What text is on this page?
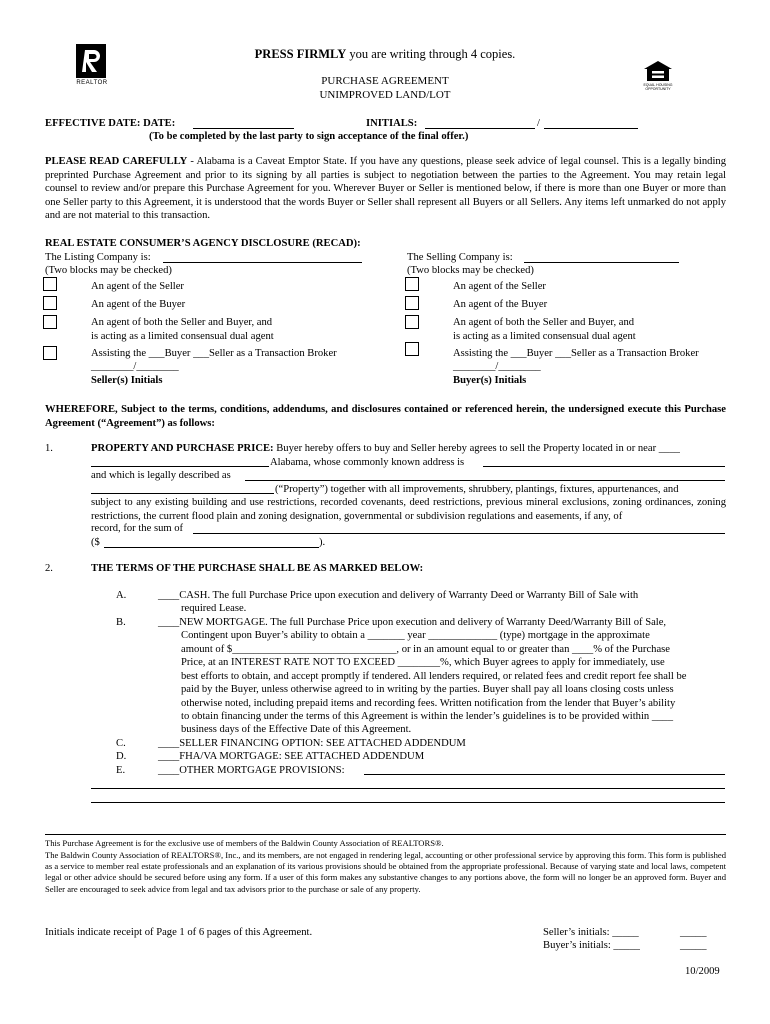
REALTOR
PRESS FIRMLY you are writing through 4 copies.
PURCHASE AGREEMENT
UNIMPROVED LAND/LOT
EQUAL HOUSING OPPORTUNITY
EFFECTIVE DATE: DATE:	INITIALS:	/
(To be completed by the last party to sign acceptance of the final offer.)
PLEASE READ CAREFULLY - Alabama is a Caveat Emptor State. If you have any questions, please seek advice of legal counsel. This is a legally binding preprinted Purchase Agreement and prior to its signing by all parties is subject to negotiation between the parties to the Agreement. You may retain legal counsel to review and/or prepare this Purchase Agreement for you. Wherever Buyer or Seller is mentioned below, if there is more than one Buyer or more than one Seller party to this Agreement, it is understood that the words Buyer or Seller shall represent all Buyers or all Sellers. Any items left unmarked do not apply and are not material to this transaction.
REAL ESTATE CONSUMER’S AGENCY DISCLOSURE (RECAD):
The Listing Company is:
(Two blocks may be checked)
The Selling Company is:
(Two blocks may be checked)
An agent of the Seller
An agent of the Buyer
An agent of both the Seller and Buyer, and
is acting as a limited consensual dual agent
Assisting the ___Buyer ___Seller as a Transaction Broker
________/________
Seller(s) Initials
An agent of the Seller
An agent of the Buyer
An agent of both the Seller and Buyer, and
is acting as a limited consensual dual agent
Assisting the ___Buyer ___Seller as a Transaction Broker
________/________
Buyer(s) Initials
WHEREFORE, Subject to the terms, conditions, addendums, and disclosures contained or referenced herein, the undersigned execute this Purchase Agreement (“Agreement”) as follows:
1.	PROPERTY AND PURCHASE PRICE: Buyer hereby offers to buy and Seller hereby agrees to sell the Property located in or near ____
Alabama, whose commonly known address is
and which is legally described as
(“Property”) together with all improvements, shrubbery, plantings, fixtures, appurtenances, and
subject to any existing building and use restrictions, recorded covenants, deed restrictions, previous mineral exclusions, zoning ordinances, zoning restrictions, the current flood plain and zoning designation, governmental or subdivision regulations and easements, if any, of
record, for the sum of
($	).
2.	THE TERMS OF THE PURCHASE SHALL BE AS MARKED BELOW:
A.	____CASH. The full Purchase Price upon execution and delivery of Warranty Deed or Warranty Bill of Sale with
required Lease.
B.	____NEW MORTGAGE. The full Purchase Price upon execution and delivery of Warranty Deed/Warranty Bill of Sale,
Contingent upon Buyer’s ability to obtain a _______ year _____________ (type) mortgage in the approximate
amount of $_______________________________, or in an amount equal to or greater than ____% of the Purchase
Price, at an INTEREST RATE NOT TO EXCEED ________%, which Buyer agrees to apply for immediately, use
best efforts to obtain, and accept promptly if tendered. All lenders required, or related fees and credit report fee shall be
paid by the Buyer, unless otherwise agreed to in writing by the parties. Buyer shall pay all loans closing costs unless
otherwise noted, including prepaid items and recording fees. Written notification from the lender that Buyer’s ability
to obtain financing under the terms of this Agreement is within the lender’s guidelines is to be provided within ____
business days of the Effective Date of this Agreement.
C.	____SELLER FINANCING OPTION: SEE ATTACHED ADDENDUM
D.	____FHA/VA MORTGAGE: SEE ATTACHED ADDENDUM
E.	____OTHER MORTGAGE PROVISIONS:
This Purchase Agreement is for the exclusive use of members of the Baldwin County Association of REALTORS®.
The Baldwin County Association of REALTORS®, Inc., and its members, are not engaged in rendering legal, accounting or other professional service by approving this form. This form is published as a service to member real estate professionals and an explanation of its various provisions should be obtained from the appropriate professional. Because of varying state and local laws, competent legal or other advice should be secured before using any form. If a user of this form makes any substantive changes to any portions above, the form will no longer be an approved form. Buyer and Seller are encouraged to seek advice from legal and tax advisors prior to the purchase or sale of any property.
Initials indicate receipt of Page 1 of 6 pages of this Agreement.	Seller’s initials: _____	_____
Buyer’s initials: _____	_____
10/2009
